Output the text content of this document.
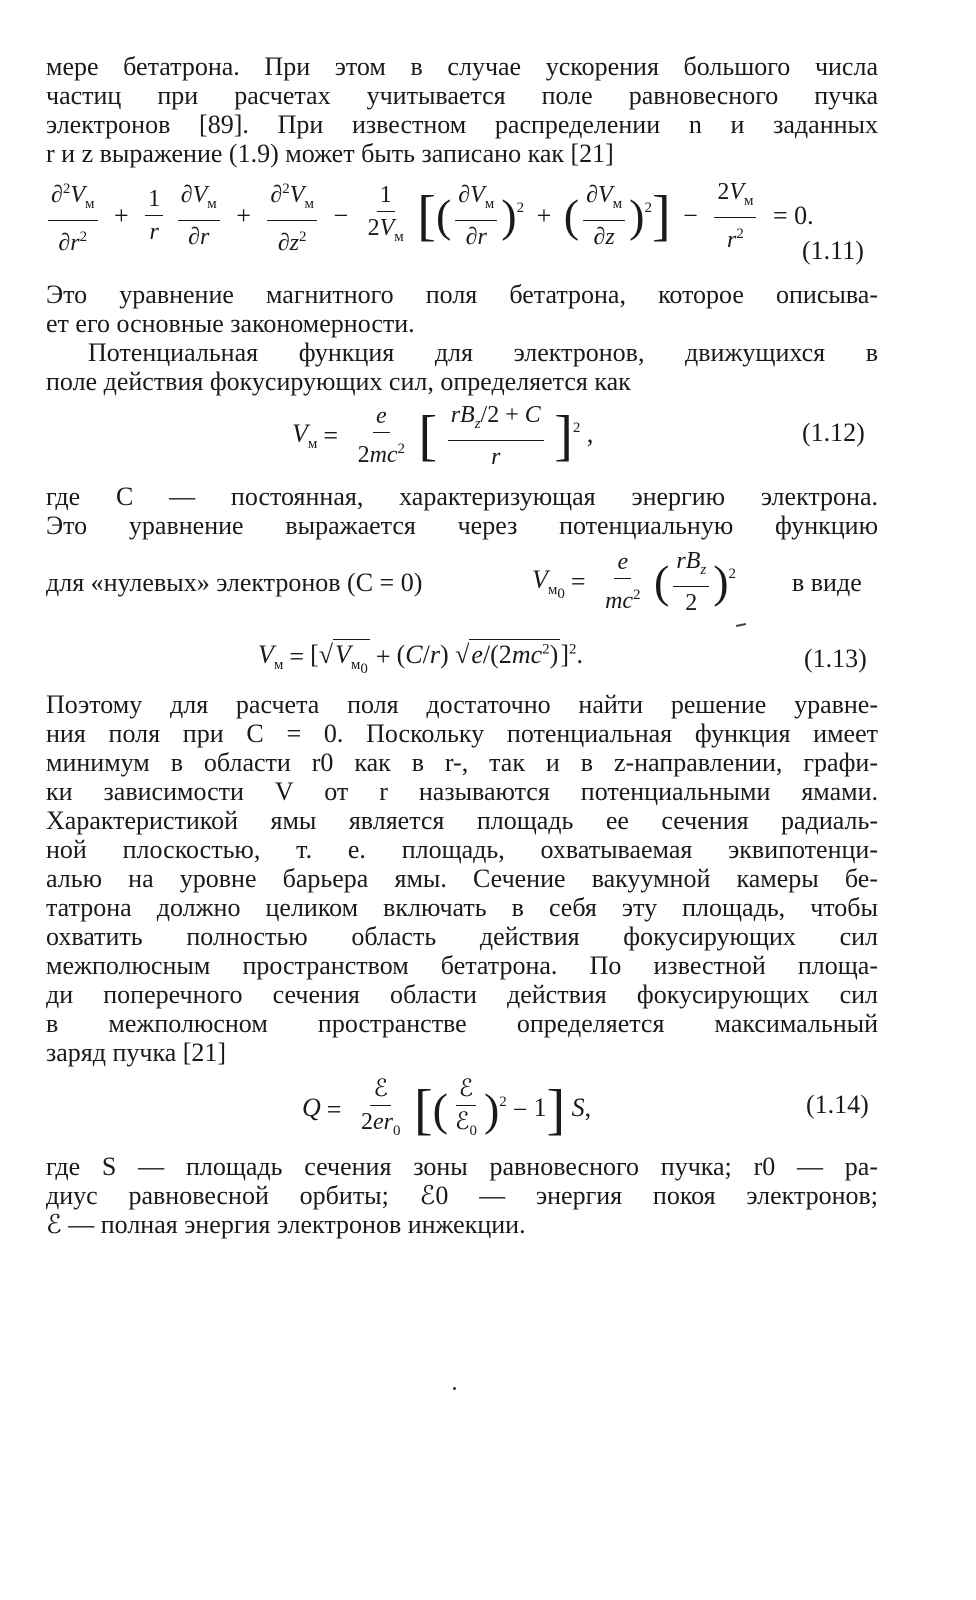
мере бетатрона. При этом в случае ускорения большого числа
частиц при расчетах учитывается поле равновесного пучка
электронов [89]. При известном распределении n и заданных
r и z выражение (1.9) может быть записано как [21]
$\frac{\partial^2V_м}{\partial r^2} + \frac{1}{r}$
$\frac{\partial V_м}{\partial r} + \frac{\partial^2V_м}{\partial z^2} - \frac{1}{2V_м}$ [( $\frac{\partial V_м}{\partial r} )^2$ + ( $\frac{\partial V_м}{\partial z} )^2] - \frac{2V_м}{r^2} = 0$.
(1.11)
Это уравнение магнитного поля бетатрона, которое описыва-
ет его основные закономерности.
Потенциальная функция для электронов, движущихся в
поле действия фокусирующих сил, определяется как
$V_м = \frac{e}{2mc^2}$ [ $\frac{rB_z/2 + C}{r} ]^2$ ,	(1.12)
где C — постоянная, характеризующая энергию электрона.
Это уравнение выражается через потенциальную функцию
для «нулевых» электронов (C = 0)	$V_{м_0} = \frac{e}{mc^2}$ ( $\frac{rB_z}{2} )^2$ в виде
$V_м = [√V_{м_0} + (C/r)$ $√e/(2mc^2)]^2$.	(1.13)
Поэтому для расчета поля достаточно найти решение уравне-
ния поля при C = 0. Поскольку потенциальная функция имеет
минимум в области r0 как в r-, так и в z-направлении, графи-
ки зависимости V от r называются потенциальными ямами.
Характеристикой ямы является площадь ее сечения радиаль-
ной плоскостью, т. е. площадь, охватываемая эквипотенци-
алью на уровне барьера ямы. Сечение вакуумной камеры бе-
татрона должно целиком включать в себя эту площадь, чтобы
охватить полностью область действия фокусирующих сил
межполюсным пространством бетатрона. По известной площа-
ди поперечного сечения области действия фокусирующих сил
в межполюсном пространстве определяется максимальный
заряд пучка [21]
$Q = \frac{\text{ℰ}}{2er_0}$ [( $\frac{\text{ℰ}}{ℰ_0} )^2 - 1$] S,	(1.14)
где S — площадь сечения зоны равновесного пучка; r0 — ра-
диус равновесной орбиты; ℰ0 — энергия покоя электронов;
ℰ — полная энергия электронов инжекции.
